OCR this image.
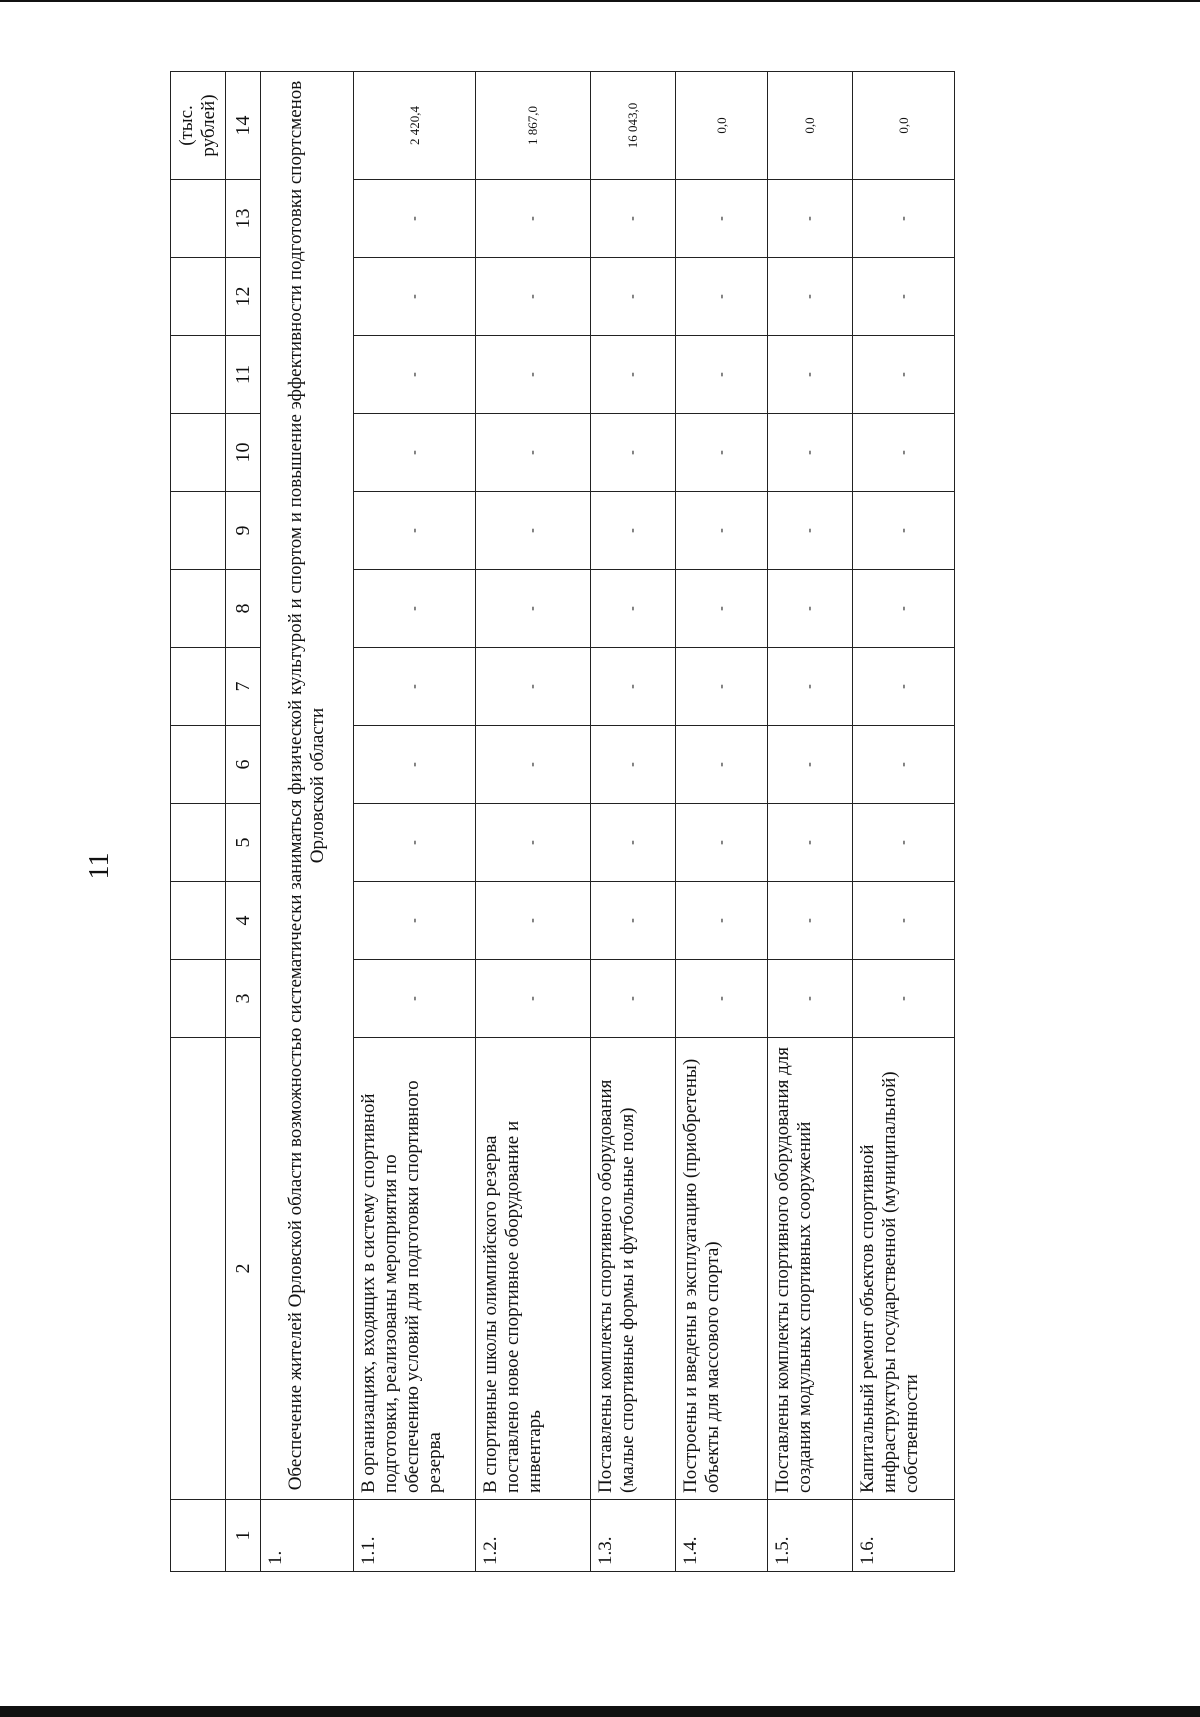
11
													(тыс. рублей)
1	2	3	4	5	6	7	8	9	10	11	12	13	14
1.	Обеспечение жителей Орловской области возможностью систематически заниматься физической культурой и спортом и повышение эффективности подготовки спортсменов Орловской области												
1.1.	В организациях, входящих в систему спортивной подготовки, реализованы мероприятия по обеспечению условий для подготовки спортивного резерва	-	-	-	-	-	-	-	-	-	-	-	2 420,4
1.2.	В спортивные школы олимпийского резерва поставлено новое спортивное оборудование и инвентарь	-	-	-	-	-	-	-	-	-	-	-	1 867,0
1.3.	Поставлены комплекты спортивного оборудования (малые спортивные формы и футбольные поля)	-	-	-	-	-	-	-	-	-	-	-	16 043,0
1.4.	Построены и введены в эксплуатацию (приобретены) объекты для массового спорта)	-	-	-	-	-	-	-	-	-	-	-	0,0
1.5.	Поставлены комплекты спортивного оборудования для создания модульных спортивных сооружений	-	-	-	-	-	-	-	-	-	-	-	0,0
1.6.	Капитальный ремонт объектов спортивной инфраструктуры государственной (муниципальной) собственности	-	-	-	-	-	-	-	-	-	-	-	0,0
